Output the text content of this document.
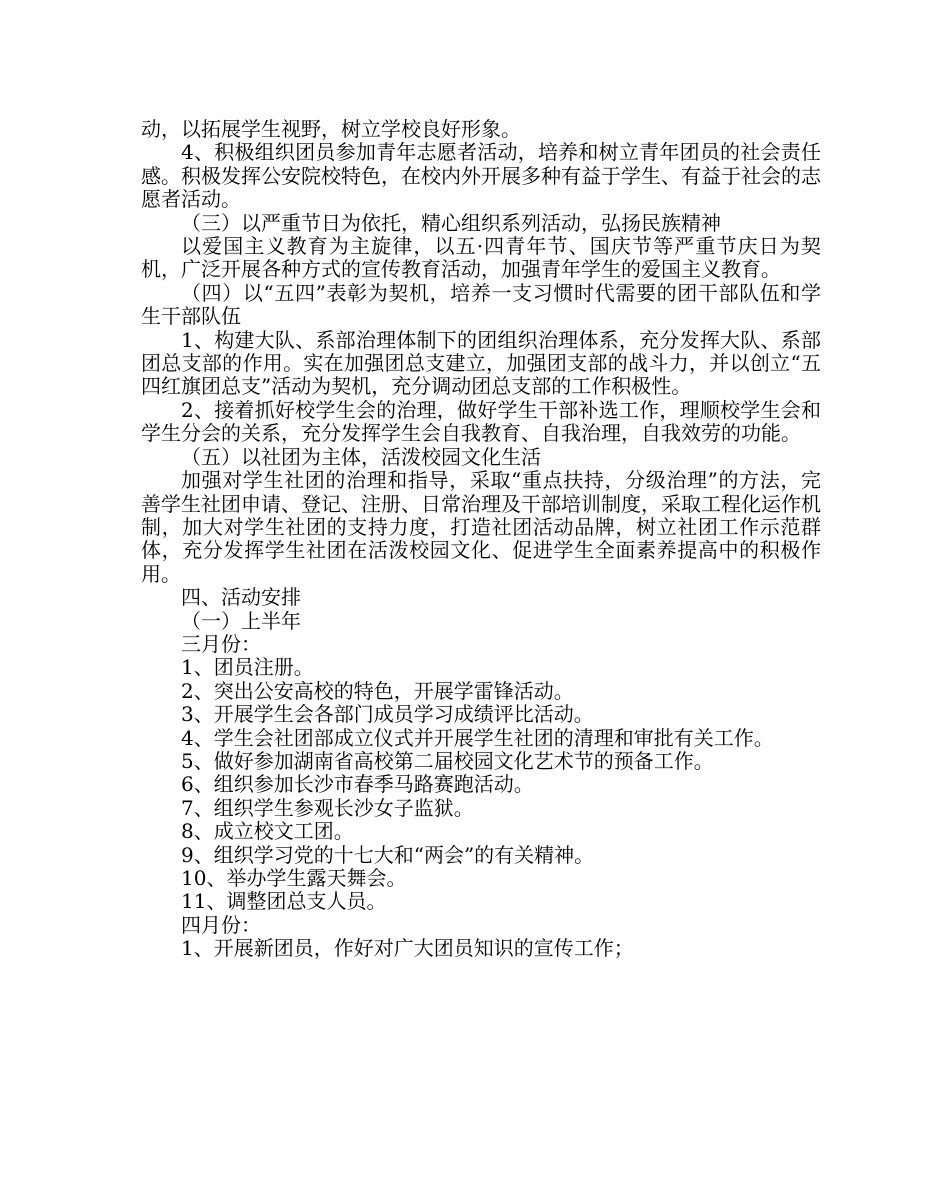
动，以拓展学生视野，树立学校良好形象。

4、积极组织团员参加青年志愿者活动，培养和树立青年团员的社会责任感。积极发挥公安院校特色，在校内外开展多种有益于学生、有益于社会的志愿者活动。

（三）以严重节日为依托，精心组织系列活动，弘扬民族精神

以爱国主义教育为主旋律，以五·四青年节、国庆节等严重节庆日为契机，广泛开展各种方式的宣传教育活动，加强青年学生的爱国主义教育。

（四）以“五四”表彰为契机，培养一支习惯时代需要的团干部队伍和学生干部队伍

1、构建大队、系部治理体制下的团组织治理体系，充分发挥大队、系部团总支部的作用。实在加强团总支建立，加强团支部的战斗力，并以创立“五四红旗团总支”活动为契机，充分调动团总支部的工作积极性。

2、接着抓好校学生会的治理，做好学生干部补选工作，理顺校学生会和学生分会的关系，充分发挥学生会自我教育、自我治理，自我效劳的功能。

（五）以社团为主体，活泼校园文化生活

加强对学生社团的治理和指导，采取“重点扶持，分级治理”的方法，完善学生社团申请、登记、注册、日常治理及干部培训制度，采取工程化运作机制，加大对学生社团的支持力度，打造社团活动品牌，树立社团工作示范群体，充分发挥学生社团在活泼校园文化、促进学生全面素养提高中的积极作用。

四、活动安排

（一）上半年

三月份：

1、团员注册。

2、突出公安高校的特色，开展学雷锋活动。

3、开展学生会各部门成员学习成绩评比活动。

4、学生会社团部成立仪式并开展学生社团的清理和审批有关工作。

5、做好参加湖南省高校第二届校园文化艺术节的预备工作。

6、组织参加长沙市春季马路赛跑活动。

7、组织学生参观长沙女子监狱。

8、成立校文工团。

9、组织学习党的十七大和“两会”的有关精神。

10、举办学生露天舞会。

11、调整团总支人员。

四月份：

1、开展新团员，作好对广大团员知识的宣传工作；
